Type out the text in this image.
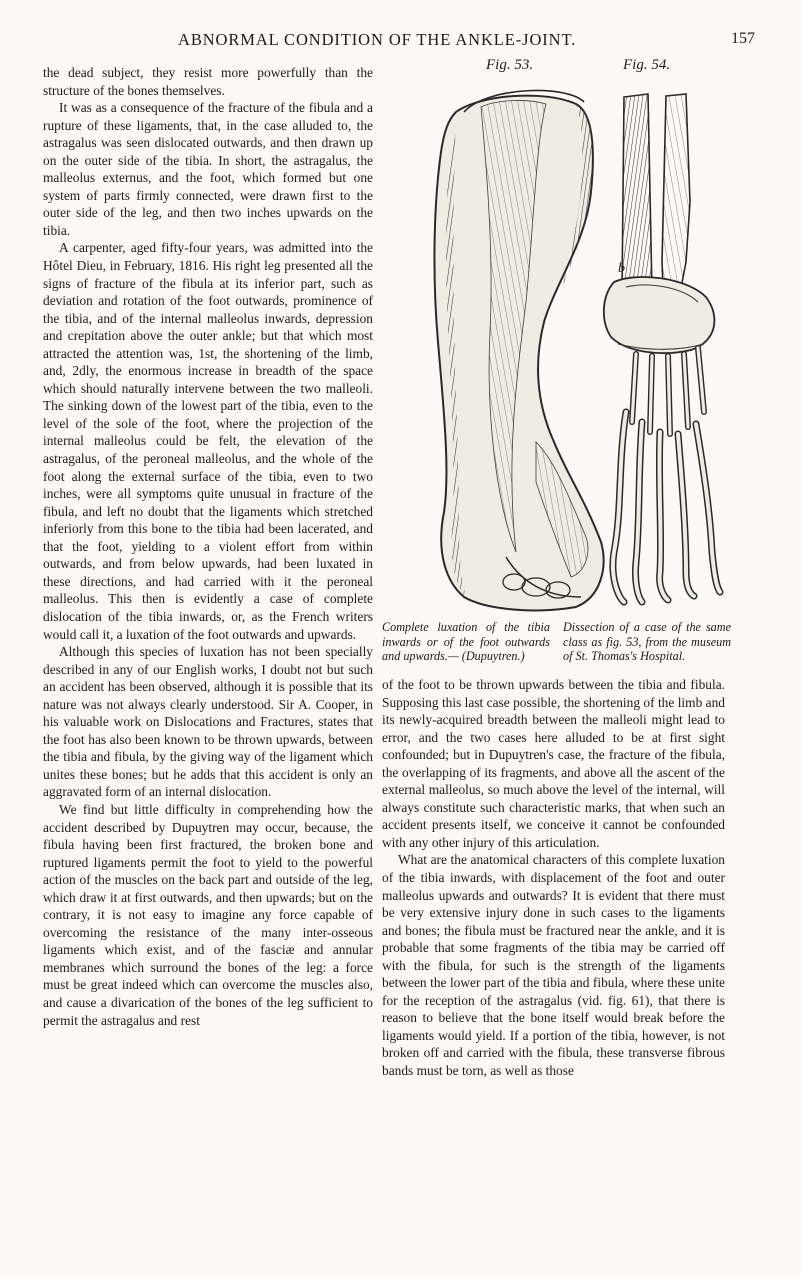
ABNORMAL CONDITION OF THE ANKLE-JOINT.	157

the dead subject, they resist more powerfully than the structure of the bones themselves.

It was as a consequence of the fracture of the fibula and a rupture of these ligaments, that, in the case alluded to, the astragalus was seen dislocated outwards, and then drawn up on the outer side of the tibia. In short, the astragalus, the malleolus externus, and the foot, which formed but one system of parts firmly connected, were drawn first to the outer side of the leg, and then two inches upwards on the tibia.

A carpenter, aged fifty-four years, was admitted into the Hôtel Dieu, in February, 1816. His right leg presented all the signs of fracture of the fibula at its inferior part, such as deviation and rotation of the foot outwards, prominence of the tibia, and of the internal malleolus inwards, depression and crepitation above the outer ankle; but that which most attracted the attention was, 1st, the shortening of the limb, and, 2dly, the enormous increase in breadth of the space which should naturally intervene between the two malleoli. The sinking down of the lowest part of the tibia, even to the level of the sole of the foot, where the projection of the internal malleolus could be felt, the elevation of the astragalus, of the peroneal malleolus, and the whole of the foot along the external surface of the tibia, even to two inches, were all symptoms quite unusual in fracture of the fibula, and left no doubt that the ligaments which stretched inferiorly from this bone to the tibia had been lacerated, and that the foot, yielding to a violent effort from within outwards, and from below upwards, had been luxated in these directions, and had carried with it the peroneal malleolus. This then is evidently a case of complete dislocation of the tibia inwards, or, as the French writers would call it, a luxation of the foot outwards and upwards.

Although this species of luxation has not been specially described in any of our English works, I doubt not but such an accident has been observed, although it is possible that its nature was not always clearly understood. Sir A. Cooper, in his valuable work on Dislocations and Fractures, states that the foot has also been known to be thrown upwards, between the tibia and fibula, by the giving way of the ligament which unites these bones; but he adds that this accident is only an aggravated form of an internal dislocation.

We find but little difficulty in comprehending how the accident described by Dupuytren may occur, because, the fibula having been first fractured, the broken bone and ruptured ligaments permit the foot to yield to the powerful action of the muscles on the back part and outside of the leg, which draw it at first outwards, and then upwards; but on the contrary, it is not easy to imagine any force capable of overcoming the resistance of the many inter-osseous ligaments which exist, and of the fasciæ and annular membranes which surround the bones of the leg: a force must be great indeed which can overcome the muscles also, and cause a divarication of the bones of the leg sufficient to permit the astragalus and rest

Fig. 53.	Fig. 54.
b
Complete luxation of the tibia inwards or of the foot outwards and upwards.— (Dupuytren.)
Dissection of a case of the same class as fig. 53, from the museum of St. Thomas's Hospital.

of the foot to be thrown upwards between the tibia and fibula. Supposing this last case possible, the shortening of the limb and its newly-acquired breadth between the malleoli might lead to error, and the two cases here alluded to be at first sight confounded; but in Dupuytren's case, the fracture of the fibula, the overlapping of its fragments, and above all the ascent of the external malleolus, so much above the level of the internal, will always constitute such characteristic marks, that when such an accident presents itself, we conceive it cannot be confounded with any other injury of this articulation.

What are the anatomical characters of this complete luxation of the tibia inwards, with displacement of the foot and outer malleolus upwards and outwards? It is evident that there must be very extensive injury done in such cases to the ligaments and bones; the fibula must be fractured near the ankle, and it is probable that some fragments of the tibia may be carried off with the fibula, for such is the strength of the ligaments between the lower part of the tibia and fibula, where these unite for the reception of the astragalus (vid. fig. 61), that there is reason to believe that the bone itself would break before the ligaments would yield. If a portion of the tibia, however, is not broken off and carried with the fibula, these transverse fibrous bands must be torn, as well as those
